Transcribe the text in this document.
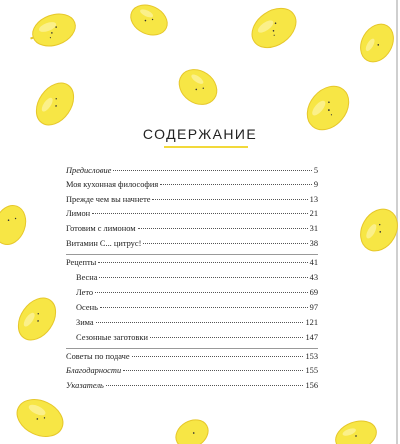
СОДЕРЖАНИЕ
Предисловие	5
Моя кухонная философия	9
Прежде чем вы начнете	13
Лимон	21
Готовим с лимоном	31
Витамин С... цитрус!	38
Рецепты	41
Весна	43
Лето	69
Осень	97
Зима	121
Сезонные заготовки	147
Советы по подаче	153
Благодарности	155
Указатель	156
